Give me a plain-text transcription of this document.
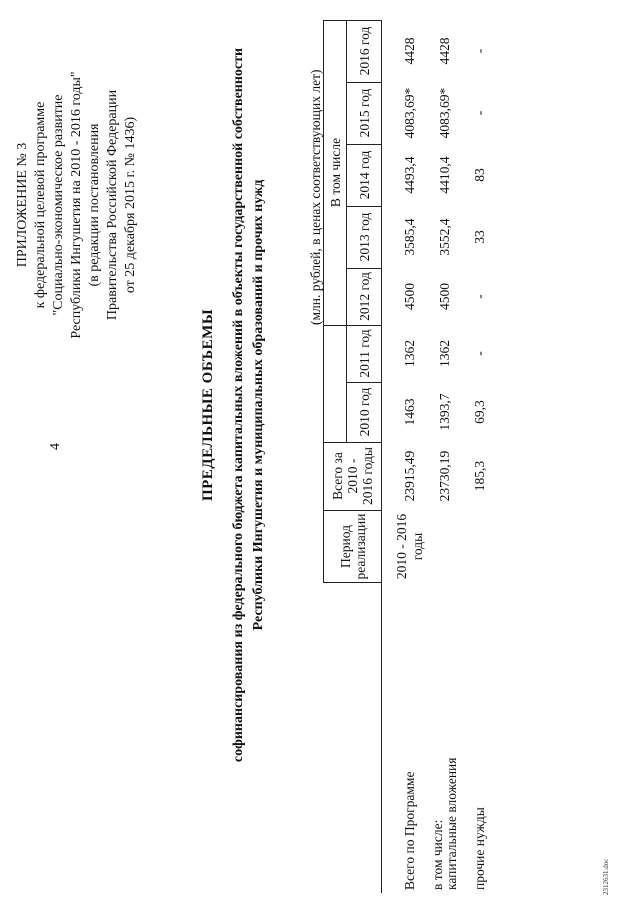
4
ПРИЛОЖЕНИЕ № 3 к федеральной целевой программе "Социально-экономическое развитие Республики Ингушетия на 2010 - 2016 годы" (в редакции постановления Правительства Российской Федерации от 25 декабря 2015 г. № 1436)
ПРЕДЕЛЬНЫЕ ОБЪЕМЫ софинансирования из федерального бюджета капитальных вложений в объекты государственной собственности Республики Ингушетия и муниципальных образований и прочих нужд	(млн. рублей, в ценах соответствующих лет)
	Период реализации	Всего за 2010 - 2016 годы			В том числе				
			2010 год	2011 год	2012 год	2013 год	2014 год	2015 год	2016 год
Всего по Программе	2010 - 2016 годы	23915,49	1463	1362	4500	3585,4	4493,4	4083,69*	4428

в том числе: капитальные вложения		23730,19	1393,7	1362	4500	3552,4	4410,4	4083,69*	4428
прочие нужды		185,3	69,3	-	-	33	83	-	-
2312631.doc
